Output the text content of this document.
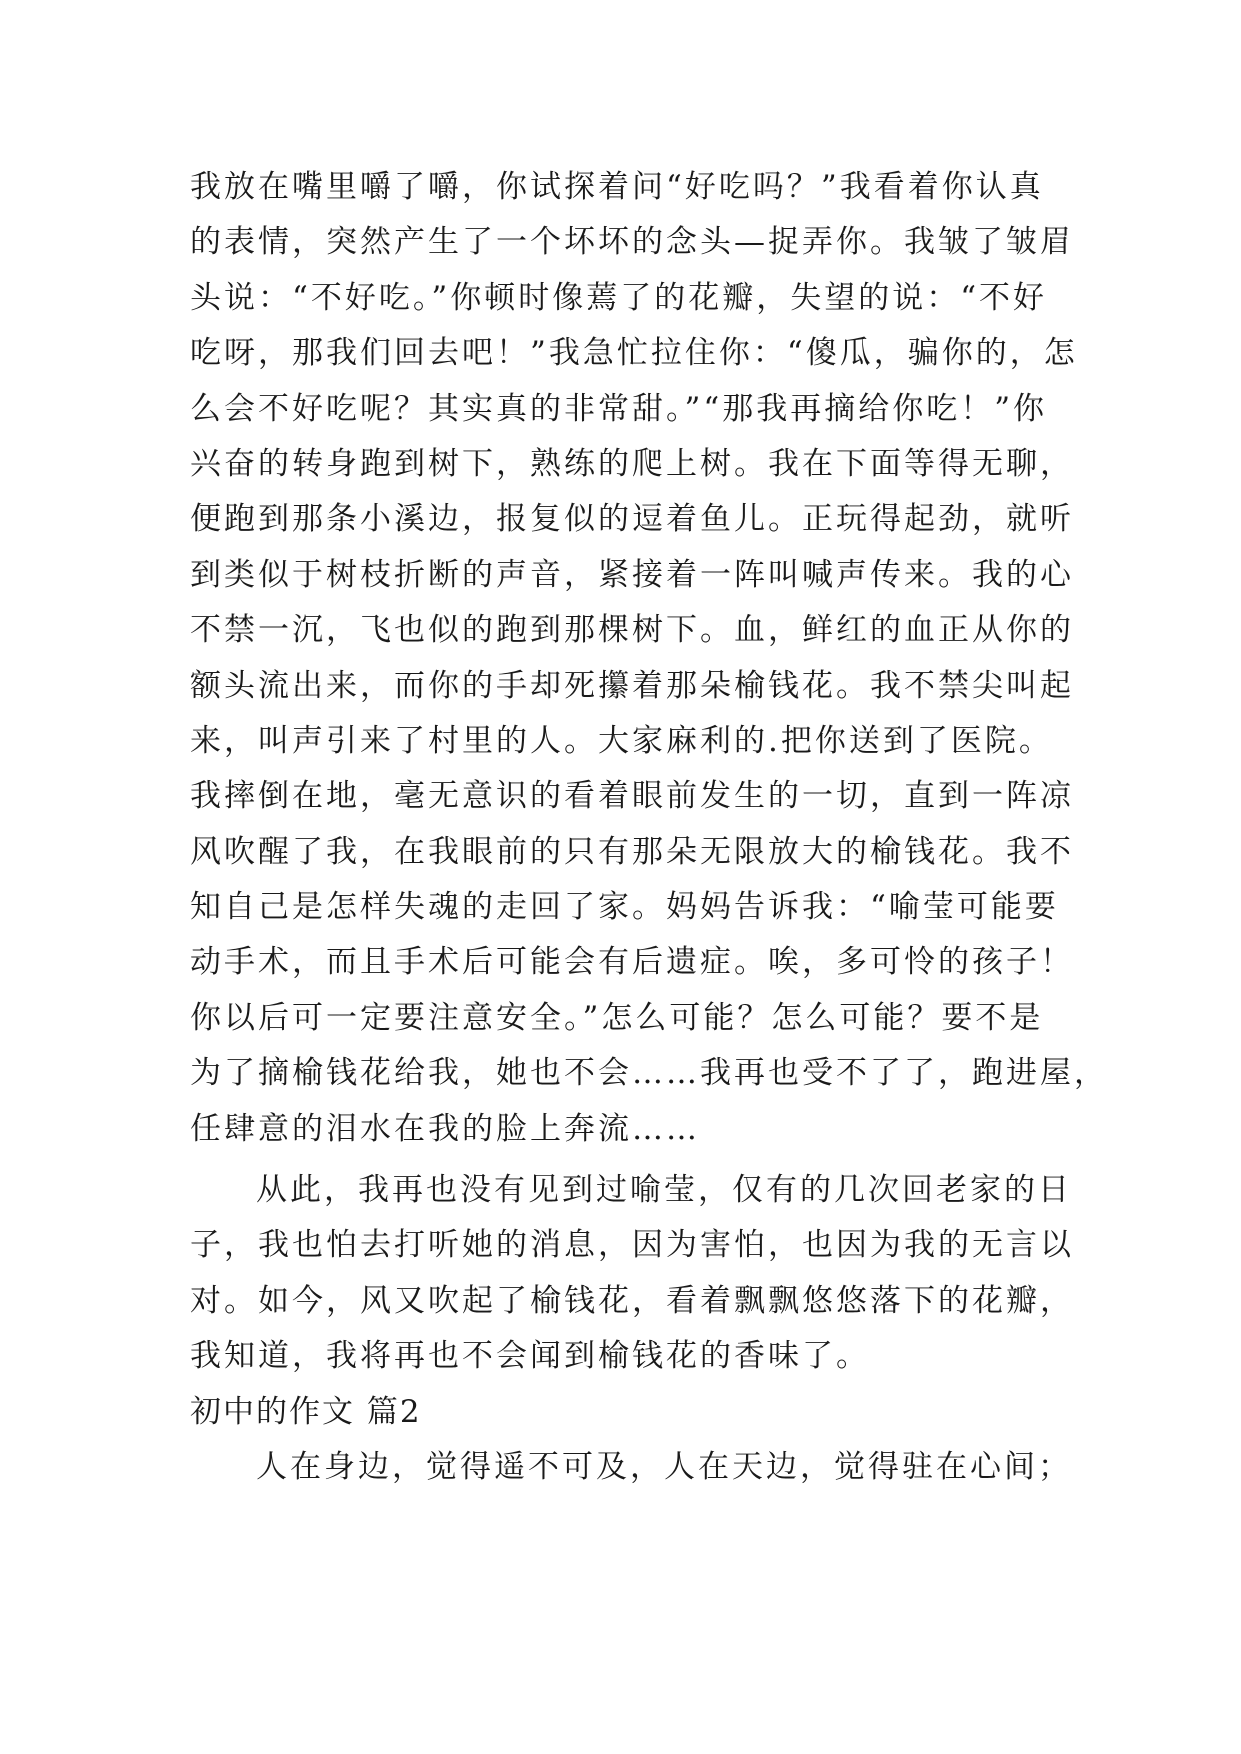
我放在嘴里嚼了嚼，你试探着问“好吃吗？”我看着你认真
的表情，突然产生了一个坏坏的念头—捉弄你。我皱了皱眉
头说：“不好吃。”你顿时像蔫了的花瓣，失望的说：“不好
吃呀，那我们回去吧！”我急忙拉住你：“傻瓜，骗你的，怎
么会不好吃呢？其实真的非常甜。”“那我再摘给你吃！”你
兴奋的转身跑到树下，熟练的爬上树。我在下面等得无聊，
便跑到那条小溪边，报复似的逗着鱼儿。正玩得起劲，就听
到类似于树枝折断的声音，紧接着一阵叫喊声传来。我的心
不禁一沉，飞也似的跑到那棵树下。血，鲜红的血正从你的
额头流出来，而你的手却死攥着那朵榆钱花。我不禁尖叫起
来，叫声引来了村里的人。大家麻利的.把你送到了医院。
我摔倒在地，毫无意识的看着眼前发生的一切，直到一阵凉
风吹醒了我，在我眼前的只有那朵无限放大的榆钱花。我不
知自己是怎样失魂的走回了家。妈妈告诉我：“喻莹可能要
动手术，而且手术后可能会有后遗症。唉，多可怜的孩子！
你以后可一定要注意安全。”怎么可能？怎么可能？要不是
为了摘榆钱花给我，她也不会……我再也受不了了，跑进屋，
任肆意的泪水在我的脸上奔流……
从此，我再也没有见到过喻莹，仅有的几次回老家的日
子，我也怕去打听她的消息，因为害怕，也因为我的无言以
对。如今，风又吹起了榆钱花，看着飘飘悠悠落下的花瓣，
我知道，我将再也不会闻到榆钱花的香味了。
初中的作文 篇2
人在身边，觉得遥不可及，人在天边，觉得驻在心间；
